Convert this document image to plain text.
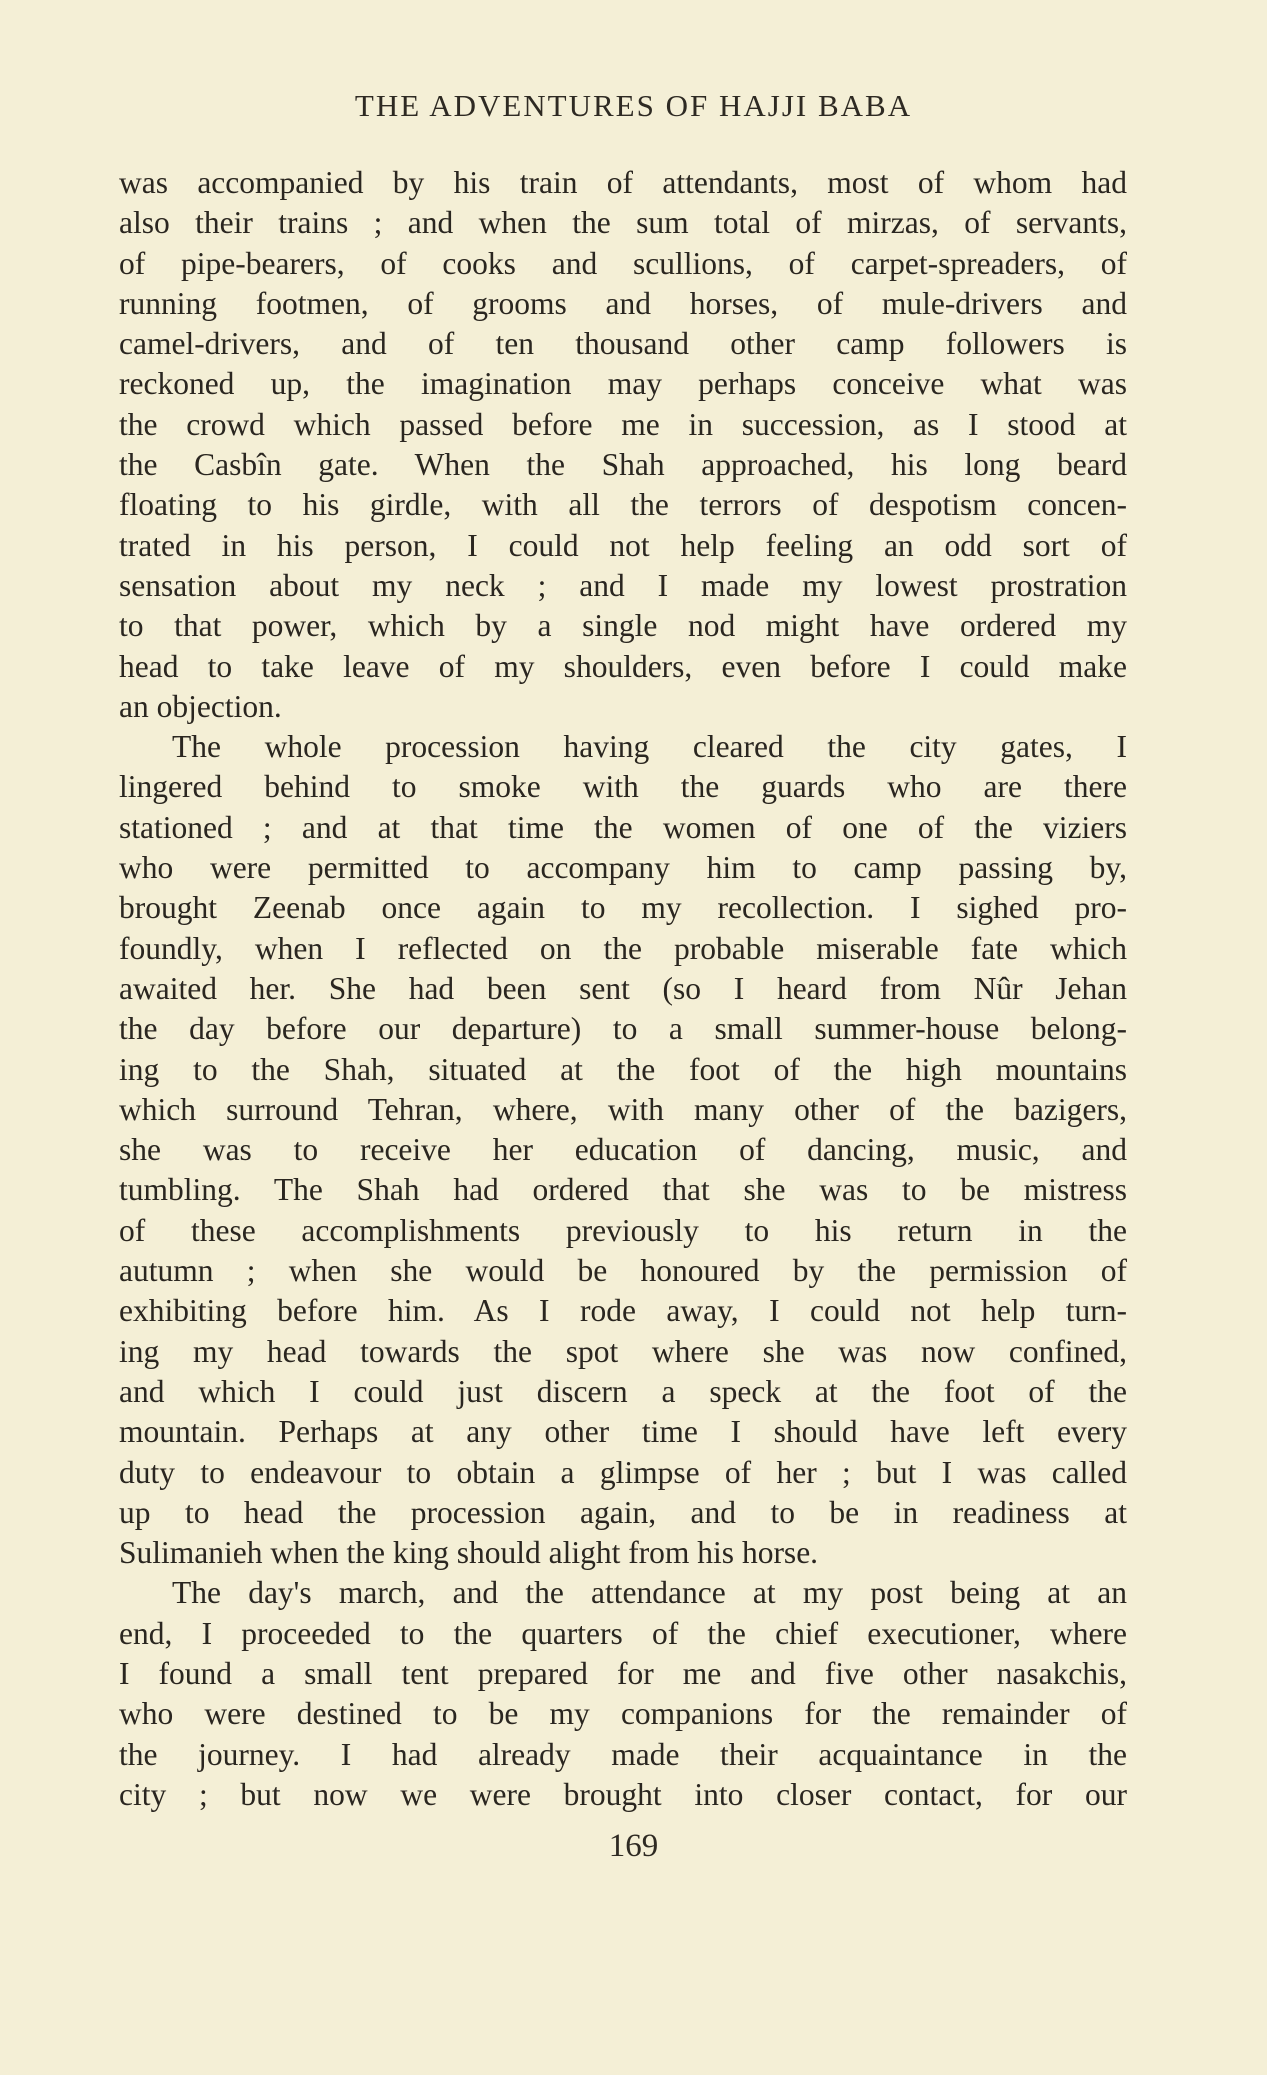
THE ADVENTURES OF HAJJI BABA
was accompanied by his train of attendants, most of whom had
also their trains ; and when the sum total of mirzas, of servants,
of pipe-bearers, of cooks and scullions, of carpet-spreaders, of
running footmen, of grooms and horses, of mule-drivers and
camel-drivers, and of ten thousand other camp followers is
reckoned up, the imagination may perhaps conceive what was
the crowd which passed before me in succession, as I stood at
the Casbîn gate. When the Shah approached, his long beard
floating to his girdle, with all the terrors of despotism concen-
trated in his person, I could not help feeling an odd sort of
sensation about my neck ; and I made my lowest prostration
to that power, which by a single nod might have ordered my
head to take leave of my shoulders, even before I could make
an objection.
The whole procession having cleared the city gates, I
lingered behind to smoke with the guards who are there
stationed ; and at that time the women of one of the viziers
who were permitted to accompany him to camp passing by,
brought Zeenab once again to my recollection. I sighed pro-
foundly, when I reflected on the probable miserable fate which
awaited her. She had been sent (so I heard from Nûr Jehan
the day before our departure) to a small summer-house belong-
ing to the Shah, situated at the foot of the high mountains
which surround Tehran, where, with many other of the bazigers,
she was to receive her education of dancing, music, and
tumbling. The Shah had ordered that she was to be mistress
of these accomplishments previously to his return in the
autumn ; when she would be honoured by the permission of
exhibiting before him. As I rode away, I could not help turn-
ing my head towards the spot where she was now confined,
and which I could just discern a speck at the foot of the
mountain. Perhaps at any other time I should have left every
duty to endeavour to obtain a glimpse of her ; but I was called
up to head the procession again, and to be in readiness at
Sulimanieh when the king should alight from his horse.
The day's march, and the attendance at my post being at an
end, I proceeded to the quarters of the chief executioner, where
I found a small tent prepared for me and five other nasakchis,
who were destined to be my companions for the remainder of
the journey. I had already made their acquaintance in the
city ; but now we were brought into closer contact, for our
169
